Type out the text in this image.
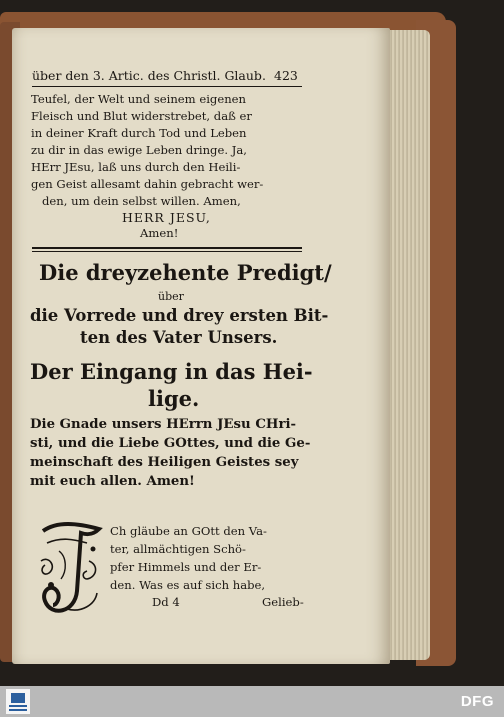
über den 3. Artic. des Christl. Glaub. 423
Teufel, der Welt und seinem eigenen
Fleisch und Blut widerstrebet, daß er
in deiner Kraft durch Tod und Leben
zu dir in das ewige Leben dringe. Ja,
HErr JEsu, laß uns durch den Heili-
gen Geist allesamt dahin gebracht wer-
den, um dein selbst willen. Amen,
HERR JESU,
Amen!
Die dreyzehente Predigt/
über
die Vorrede und drey ersten Bit-
ten des Vater Unsers.
Der Eingang in das Hei-
lige.
Die Gnade unsers HErrn JEsu CHri-
sti, und die Liebe GOttes, und die Ge-
meinschaft des Heiligen Geistes sey
mit euch allen. Amen!
Ch gläube an GOtt den Va-
ter, allmächtigen Schö-
pfer Himmels und der Er-
den. Was es auf sich habe,
Dd 4	Gelieb-
DFG
